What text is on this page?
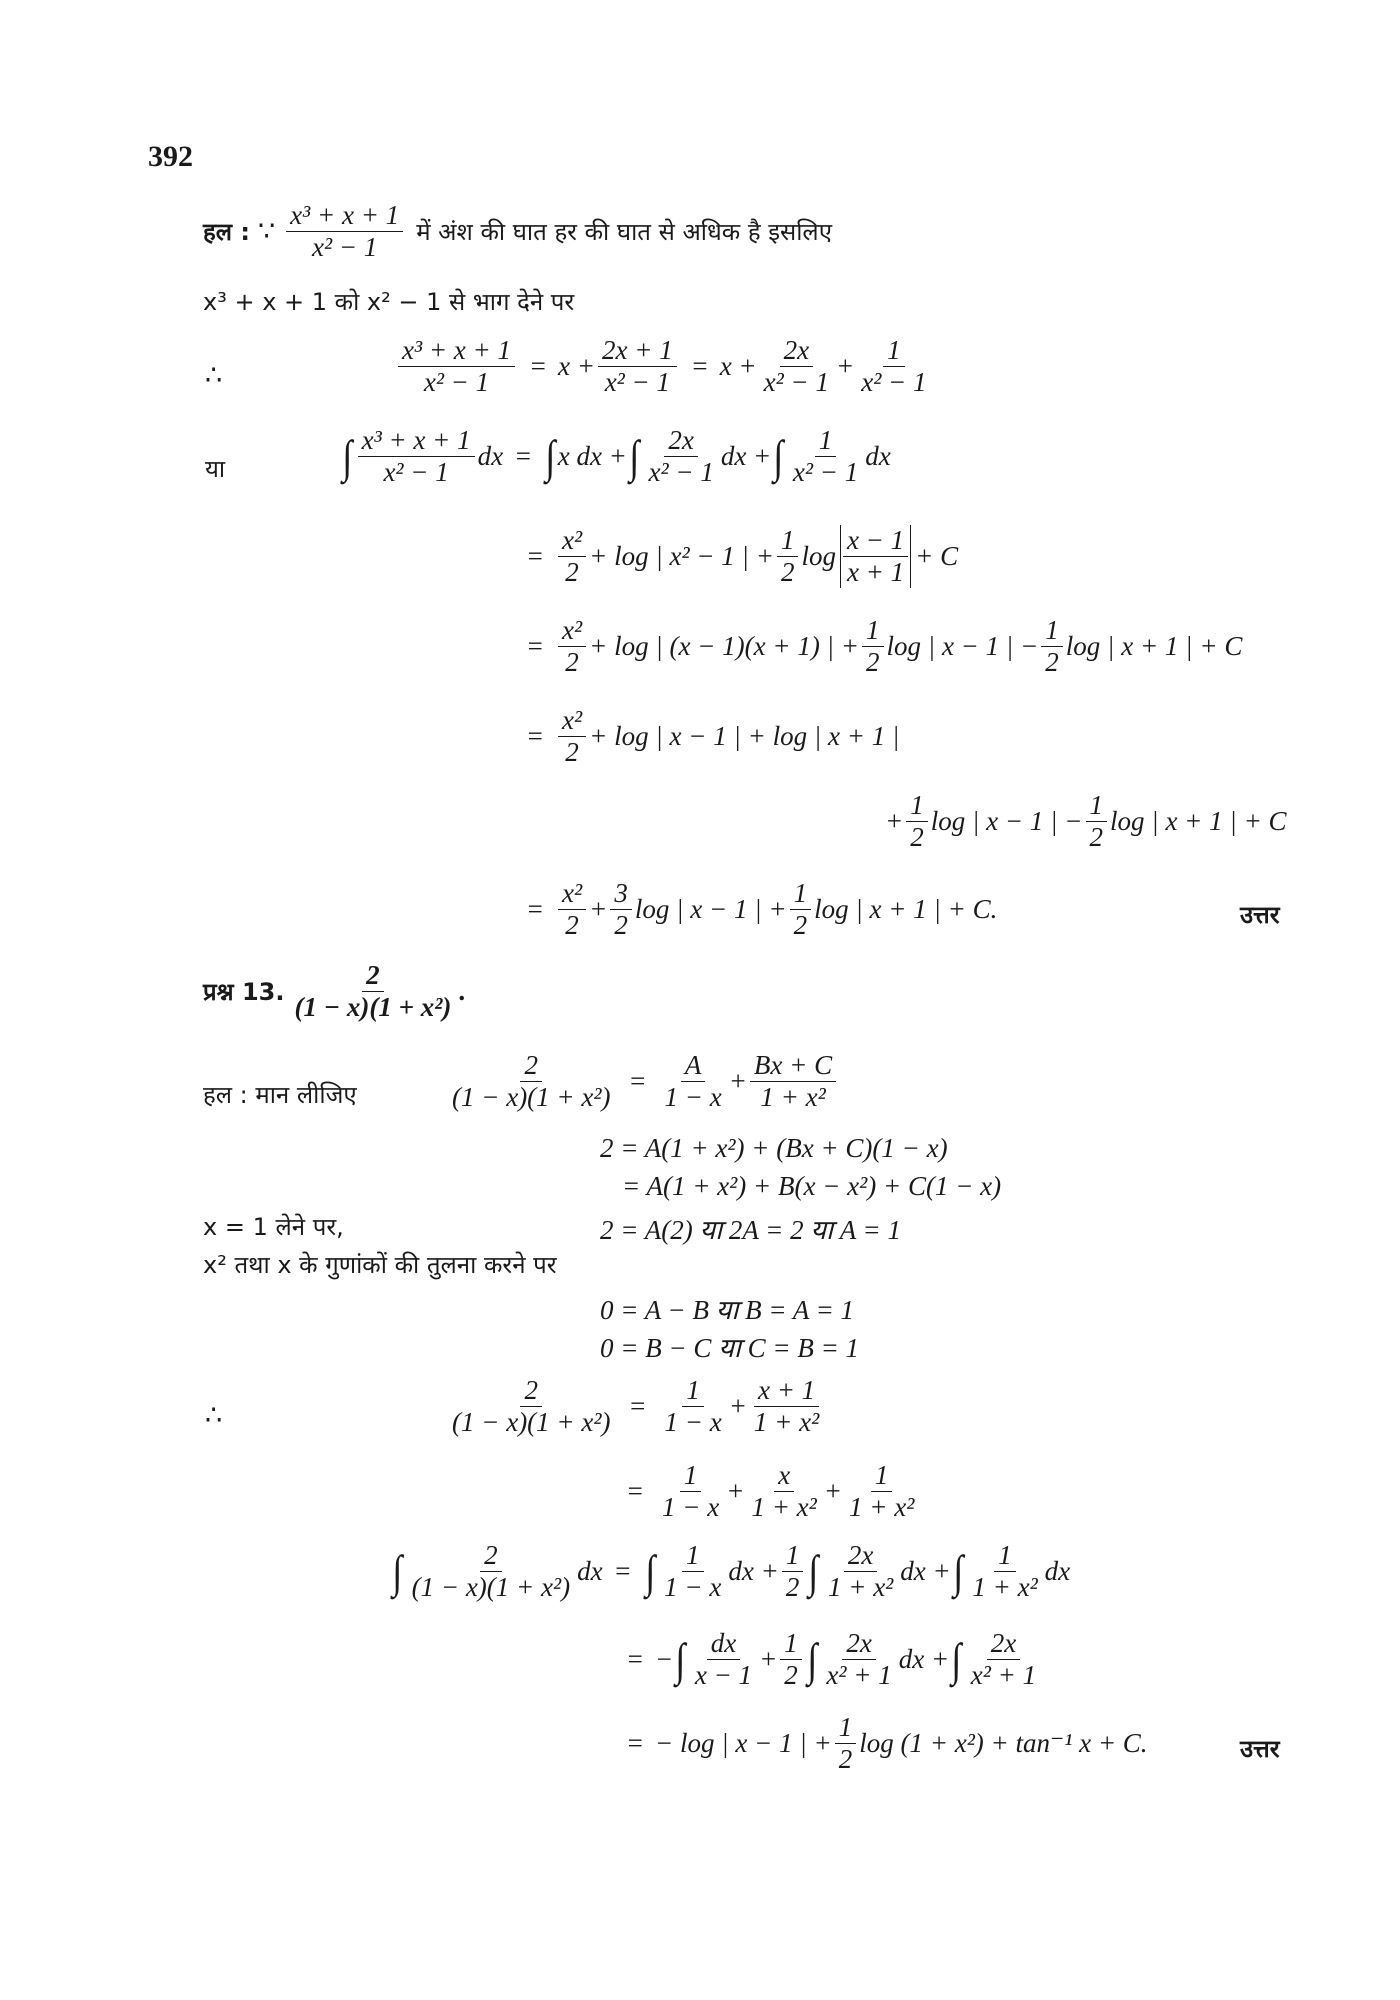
392
हल : ∵
x³ + x + 1
x² − 1 में अंश की घात हर की घात से अधिक है इसलिए
x³ + x + 1 को x² − 1 से भाग देने पर
∴	$\frac{\text{x³ + x + 1}}{\text{x² − 1}} = x + \frac{2x + 1}{\text{x² − 1}} = x + \frac{2x}{\text{x² − 1}} + \frac{1}{\text{x² − 1}}$
या	∫ x³ + x + 1
x² − 1
dx = ∫ x dx + ∫ 2x
x² − 1
dx + ∫ 1
x² − 1
dx
= $\frac{\text{x²}}{2} + \log$ | x² − 1 | + $\frac{1}{2}$ $\log \frac{x - 1}{x + 1} + C$
= $\frac{\text{x²}}{2} + \log$ | (x − 1)(x + 1) | + $\frac{1}{2}$ log | x − 1 | − $\frac{1}{2}$ log | x + 1 | + C
= $\frac{\text{x²}}{2} + \log$ | x − 1 | + log | x + 1 |
+ $\frac{1}{2}$ log | x − 1 | − $\frac{1}{2}$ log | x + 1 | + C
= $\frac{\text{x²}}{2} + \frac{3}{2}$ log | x − 1 | + $\frac{1}{2}$ log | x + 1 | + C.	उत्तर
प्रश्न 13.
2
(1 − x)(1 + x²)
.
हल : मान लीजिए	$\frac{2}{\text{(1 − x)(1 + x²)}} = \frac{A}{1 - x} + \frac{Bx + C}{\text{1 + x²}}$
2 = A(1 + x²) + (Bx + C)(1 − x)
= A(1 + x²) + B(x − x²) + C(1 − x)
x = 1 लेने पर,	2 = A(2) या 2A = 2 या A = 1
x² तथा x के गुणांकों की तुलना करने पर
0 = A − B या B = A = 1
0 = B − C या C = B = 1
∴	$\frac{2}{\text{(1 − x)(1 + x²)}} = \frac{1}{1 - x} + \frac{x + 1}{\text{1 + x²}}$
= $\frac{1}{1 - x} + \frac{x}{\text{1 + x²}} + \frac{1}{\text{1 + x²}}$
∫	2
(1 − x)(1 + x²)
dx = ∫ 1
1 − x
dx + $\frac{1}{2}$ ∫ 2x
1 + x²
dx + ∫ 1
1 + x²
dx
= − ∫ dx
x − 1
+ $\frac{1}{2}$ ∫ 2x
x² + 1
dx + ∫ 2x
x² + 1
= − log | x − 1 | + $\frac{1}{2}$ log (1 + x²) + tan⁻¹ x + C.	उत्तर
